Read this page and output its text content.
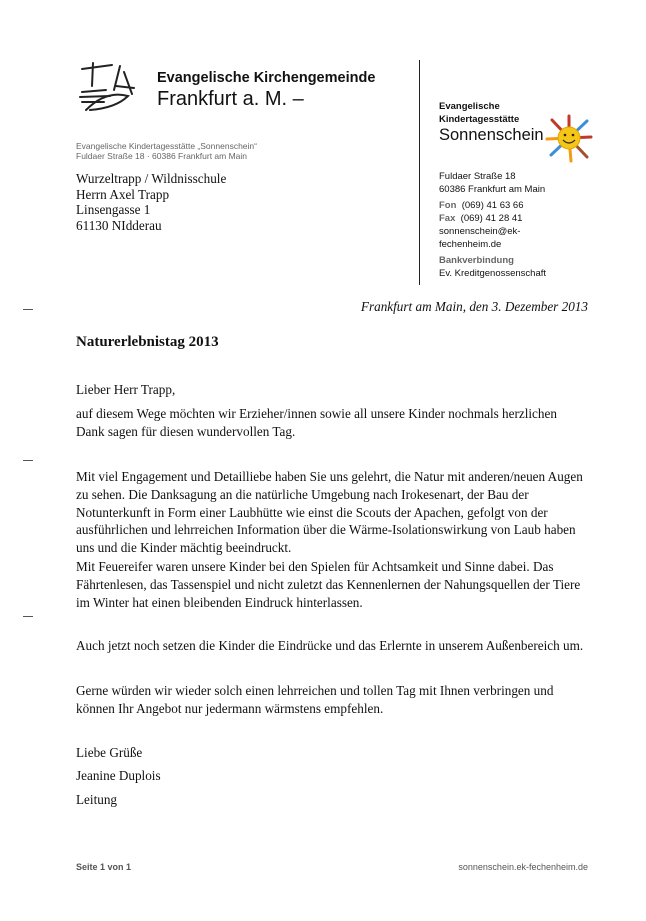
Evangelische Kirchengemeinde
Frankfurt a. M. –
Evangelische Kindertagesstätte „Sonnenschein“
Fuldaer Straße 18 · 60386 Frankfurt am Main
Wurzeltrapp / Wildnisschule
Herrn Axel Trapp
Linsengasse 1
61130 NIdderau
Evangelische
Kindertagesstätte
Sonnenschein
Fuldaer Straße 18
60386 Frankfurt am Main
Fon (069) 41 63 66
Fax (069) 41 28 41
sonnenschein@ek-
fechenheim.de
Bankverbindung
Ev. Kreditgenossenschaft
Frankfurt am Main, den 3. Dezember 2013
Naturerlebnistag 2013
Lieber Herr Trapp,
auf diesem Wege möchten wir Erzieher/innen sowie all unsere Kinder nochmals herzlichen
Dank sagen für diesen wundervollen Tag.
Mit viel Engagement und Detailliebe haben Sie uns gelehrt, die Natur mit anderen/neuen Augen
zu sehen. Die Danksagung an die natürliche Umgebung nach Irokesenart, der Bau der
Notunterkunft in Form einer Laubhütte wie einst die Scouts der Apachen, gefolgt von der
ausführlichen und lehrreichen Information über die Wärme-Isolationswirkung von Laub haben
uns und die Kinder mächtig beeindruckt.
Mit Feuereifer waren unsere Kinder bei den Spielen für Achtsamkeit und Sinne dabei. Das
Fährtenlesen, das Tassenspiel und nicht zuletzt das Kennenlernen der Nahungsquellen der Tiere
im Winter hat einen bleibenden Eindruck hinterlassen.
Auch jetzt noch setzen die Kinder die Eindrücke und das Erlernte in unserem Außenbereich um.
Gerne würden wir wieder solch einen lehrreichen und tollen Tag mit Ihnen verbringen und
können Ihr Angebot nur jedermann wärmstens empfehlen.
Liebe Grüße
Jeanine Duplois
Leitung
Seite 1 von 1	sonnenschein.ek-fechenheim.de
